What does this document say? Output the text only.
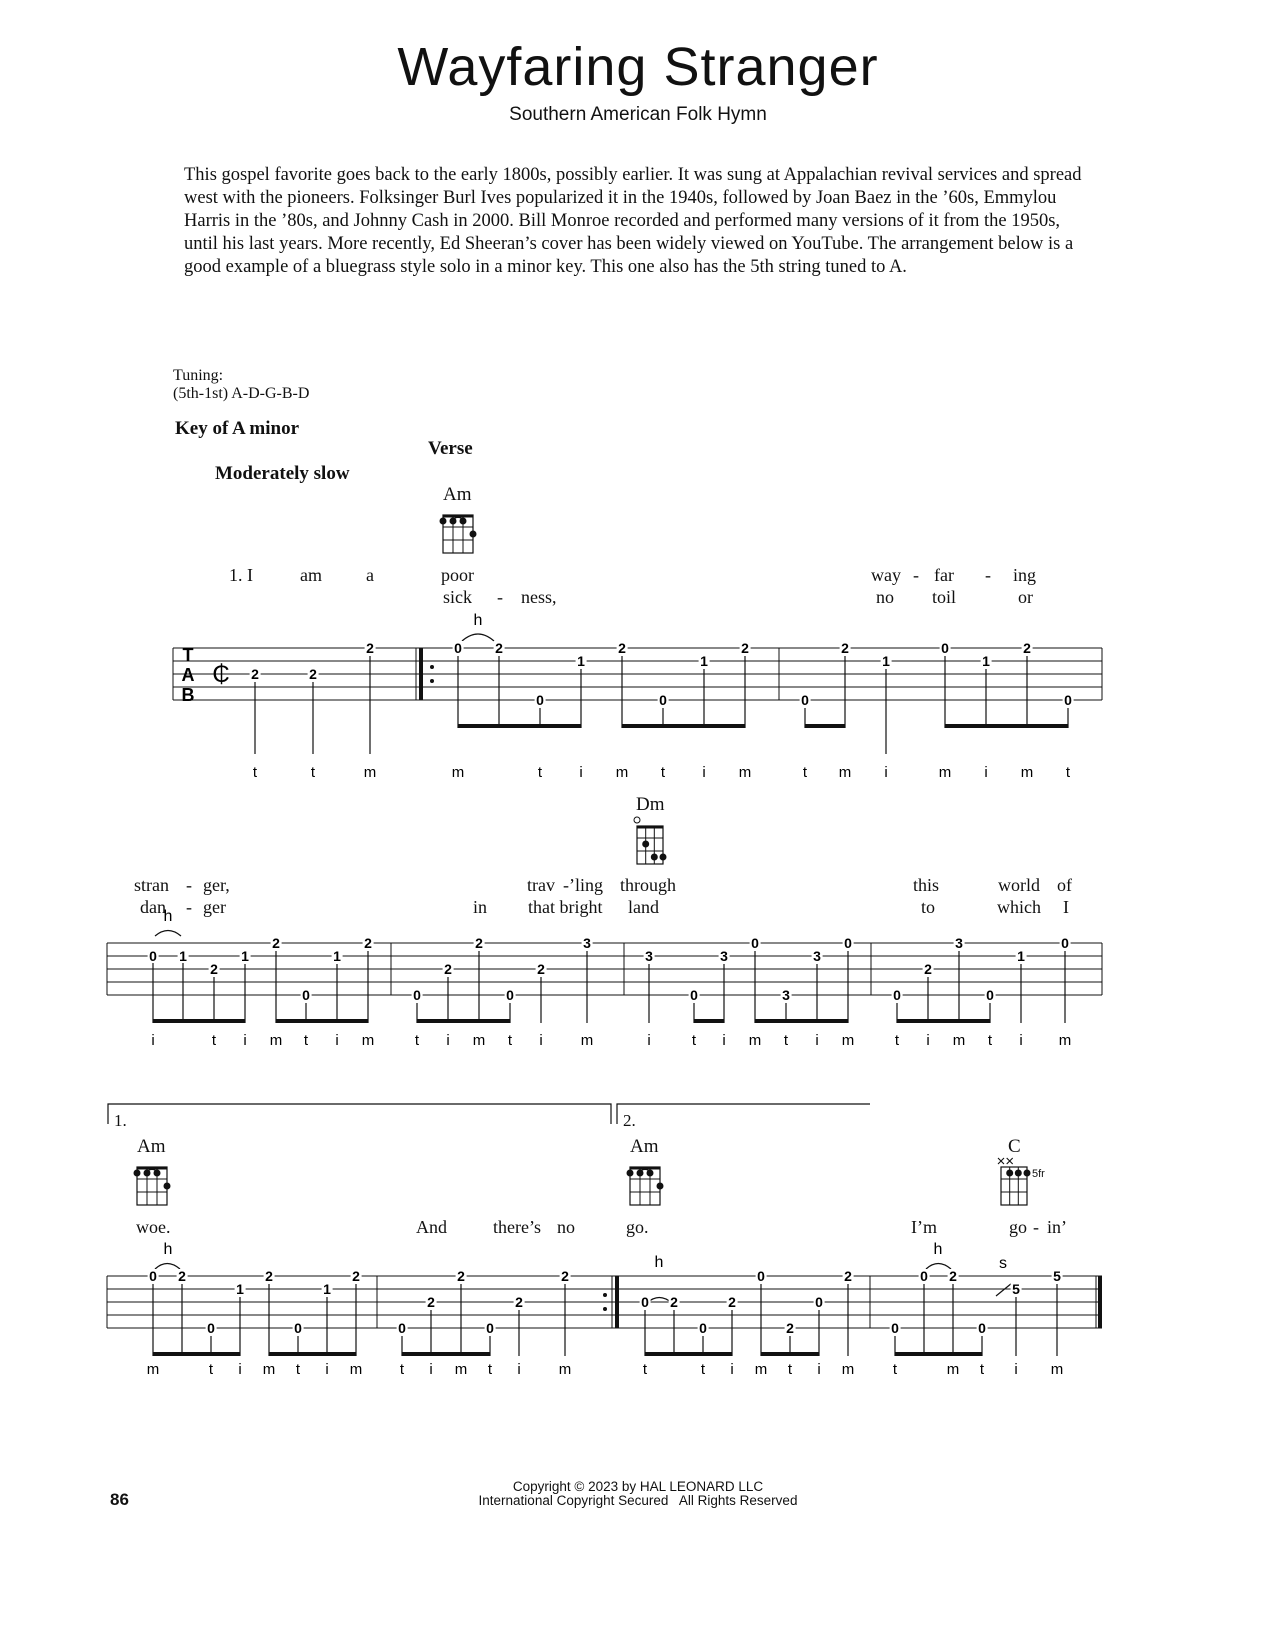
Wayfaring Stranger
Southern American Folk Hymn
This gospel favorite goes back to the early 1800s, possibly earlier. It was sung at Appalachian revival services and spread west with the pioneers. Folksinger Burl Ives popularized it in the 1940s, followed by Joan Baez in the ’60s, Emmylou Harris in the ’80s, and Johnny Cash in 2000. Bill Monroe recorded and performed many versions of it from the 1950s, until his last years. More recently, Ed Sheeran’s cover has been widely viewed on YouTube. The arrangement below is a good example of a bluegrass style solo in a minor key. This one also has the 5th string tuned to A.
Tuning:
(5th-1st) A-D-G-B-D
Key of A minor
Verse
Moderately slow
Am
Dm
Am	Am	C
5fr
1.	2.
1. I	am a	poor	way - far - ing
sick - ness,	no toil	or
stran - ger,	trav -’ling through	this	world of
dan - ger	in that bright land	to	which I
woe.	And	there’s no	go.	I’m	go - in’
T
A
B
₵
h
h
h
h
h
s
2	2
2	0 2
0
1
2
0
1
2
0
2
1
0
1
2
0
0 1
2
1
2
0
1
2
0
2
2
0
2
3
3
0
3
0
3
3
0
2
3
0
1
0
0
0 2
0
1
2
0
1
2
0
2
2
0
2
2
0 2
0
2
0
2
0
2
0
0 2
0
5
5
t	t	m	m	t i m t i m	t m i	m i m t
i	t i m t i m	t i m t i	m	i	t i m t i m	t i m t i m
m	t i m t i m	t i m t i	m	t	t i m t i m	t	m t i m
86
Copyright © 2023 by HAL LEONARD LLC
International Copyright Secured   All Rights Reserved
